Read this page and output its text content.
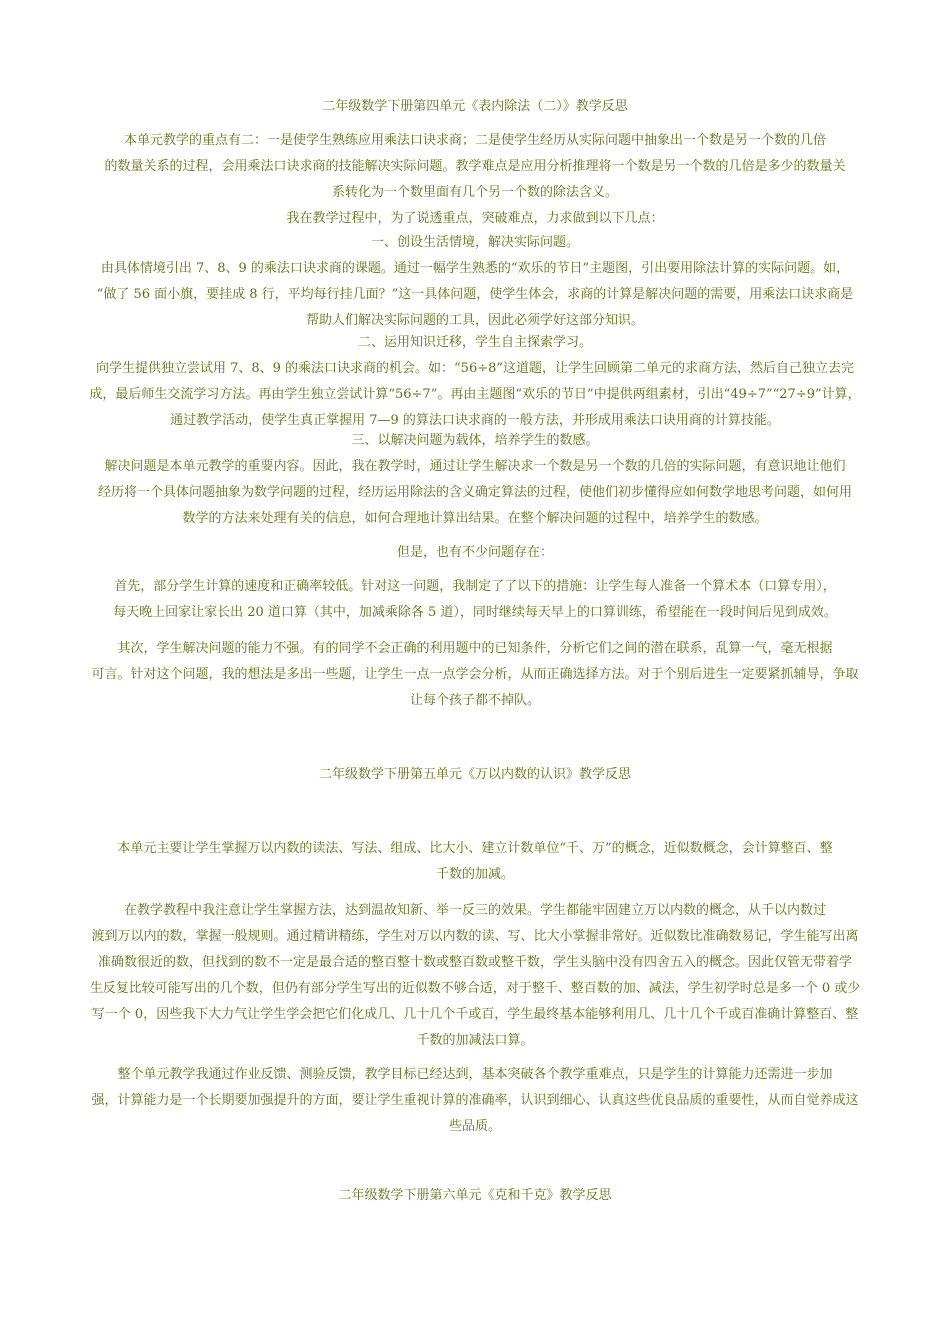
二年级数学下册第四单元《表内除法（二）》教学反思
本单元教学的重点有二：一是使学生熟练应用乘法口诀求商；二是使学生经历从实际问题中抽象出一个数是另一个数的几倍
的数量关系的过程，会用乘法口诀求商的技能解决实际问题。教学难点是应用分析推理将一个数是另一个数的几倍是多少的数量关
系转化为一个数里面有几个另一个数的除法含义。
我在教学过程中，为了说透重点，突破难点，力求做到以下几点：
一、创设生活情境，解决实际问题。
由具体情境引出 7、8、9 的乘法口诀求商的课题。通过一幅学生熟悉的“欢乐的节日”主题图，引出要用除法计算的实际问题。如，
“做了 56 面小旗，要挂成 8 行，平均每行挂几面？”这一具体问题，使学生体会，求商的计算是解决问题的需要，用乘法口诀求商是
帮助人们解决实际问题的工具，因此必须学好这部分知识。
二、运用知识迁移，学生自主探索学习。
向学生提供独立尝试用 7、8、9 的乘法口诀求商的机会。如：“56÷8”这道题，让学生回顾第二单元的求商方法，然后自己独立去完
成，最后师生交流学习方法。再由学生独立尝试计算“56÷7”。再由主题图“欢乐的节日”中提供两组素材，引出“49÷7”“27÷9”计算，
通过教学活动，使学生真正掌握用 7—9 的算法口诀求商的一般方法，并形成用乘法口诀用商的计算技能。
三、以解决问题为载体，培养学生的数感。
解决问题是本单元教学的重要内容。因此，我在教学时，通过让学生解决求一个数是另一个数的几倍的实际问题，有意识地让他们
经历将一个具体问题抽象为数学问题的过程，经历运用除法的含义确定算法的过程，使他们初步懂得应如何数学地思考问题，如何用
数学的方法来处理有关的信息，如何合理地计算出结果。在整个解决问题的过程中，培养学生的数感。
但是，也有不少问题存在：
首先，部分学生计算的速度和正确率较低。针对这一问题，我制定了了以下的措施：让学生每人准备一个算术本（口算专用），
每天晚上回家让家长出 20 道口算（其中，加减乘除各 5 道），同时继续每天早上的口算训练，希望能在一段时间后见到成效。
其次，学生解决问题的能力不强。有的同学不会正确的利用题中的已知条件，分析它们之间的潜在联系，乱算一气，毫无根据
可言。针对这个问题，我的想法是多出一些题，让学生一点一点学会分析，从而正确选择方法。对于个别后进生一定要紧抓辅导，争取
让每个孩子都不掉队。
二年级数学下册第五单元《万以内数的认识》教学反思
本单元主要让学生掌握万以内数的读法、写法、组成、比大小、建立计数单位“千、万”的概念，近似数概念，会计算整百、整
千数的加减。
在教学教程中我注意让学生掌握方法，达到温故知新、举一反三的效果。学生都能牢固建立万以内数的概念，从千以内数过
渡到万以内的数，掌握一般规则。通过精讲精练，学生对万以内数的读、写、比大小掌握非常好。近似数比准确数易记，学生能写出离
准确数很近的数，但找到的数不一定是最合适的整百整十数或整百数或整千数，学生头脑中没有四舍五入的概念。因此仅管无带着学
生反复比较可能写出的几个数，但仍有部分学生写出的近似数不够合适，对于整千、整百数的加、减法，学生初学时总是多一个 0 或少
写一个 0，因些我下大力气让学生学会把它们化成几、几十几个千或百，学生最终基本能够利用几、几十几个千或百准确计算整百、整
千数的加减法口算。
整个单元教学我通过作业反馈、测验反馈，教学目标已经达到，基本突破各个教学重难点，只是学生的计算能力还需进一步加
强，计算能力是一个长期要加强提升的方面，要让学生重视计算的准确率，认识到细心、认真这些优良品质的重要性，从而自觉养成这
些品质。
二年级数学下册第六单元《克和千克》教学反思
